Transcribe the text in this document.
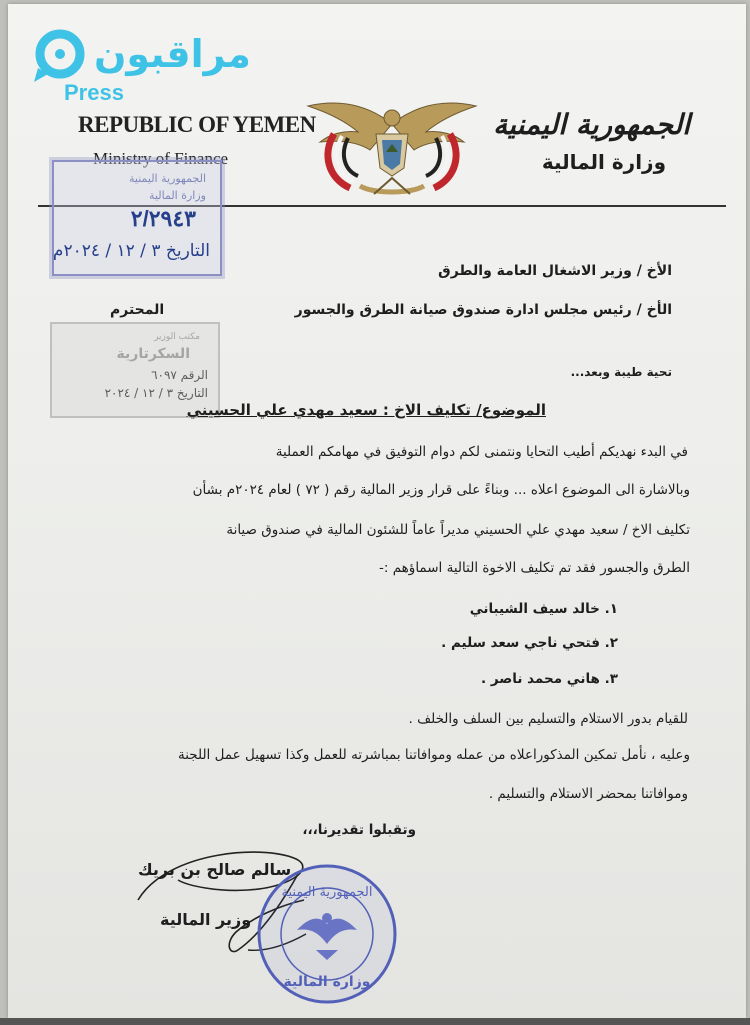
REPUBLIC OF YEMEN
Ministry of Finance
الجمهورية اليمنية
وزارة المالية
الجمهورية اليمنية
وزارة المالية
٢/٢٩٤٣
التاريخ ٣ / ١٢ / ٢٠٢٤م
مكتب الوزير
السكرتارية
الرقم ٦٠٩٧
التاريخ ٣ / ١٢ / ٢٠٢٤
الأخ / وزير الاشغال العامة والطرق
الأخ / رئيس مجلس ادارة صندوق صيانة الطرق والجسور
المحترم
تحية طيبة وبعد...
الموضوع/ تكليف الاخ : سعيد مهدي علي الحسيني
في البدء نهديكم أطيب التحايا ونتمنى لكم دوام التوفيق في مهامكم العملية
وبالاشارة الى الموضوع اعلاه ... وبناءً على قرار وزير المالية رقم ( ٧٢ ) لعام ٢٠٢٤م بشأن
تكليف الاخ / سعيد مهدي علي الحسيني مديراً عاماً للشئون المالية في صندوق صيانة
الطرق والجسور فقد تم تكليف الاخوة التالية اسماؤهم :-
١. خالد سيف الشيباني
٢. فتحي ناجي سعد سليم .
٣. هاني محمد ناصر .
للقيام بدور الاستلام والتسليم بين السلف والخلف .
وعليه ، نأمل تمكين المذكوراعلاه من عمله وموافاتنا بمباشرته للعمل وكذا تسهيل عمل اللجنة
وموافاتنا بمحضر الاستلام والتسليم .
وتقبلوا تقديرنا،،،
سالم صالح بن بريك
وزير المالية
الجمهورية اليمنية
وزارة المالية
مراقبون
Press
